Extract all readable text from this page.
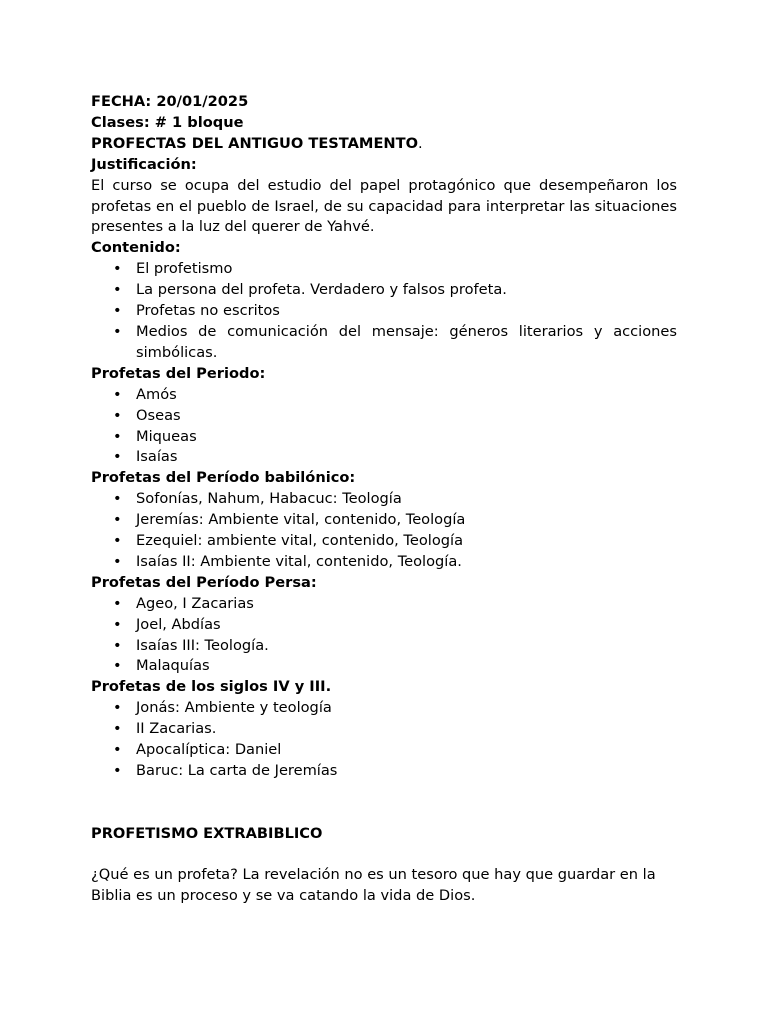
FECHA: 20/01/2025

Clases: # 1 bloque

PROFECTAS DEL ANTIGUO TESTAMENTO.

Justificación:

El curso se ocupa del estudio del papel protagónico que desempeñaron los profetas en el pueblo de Israel, de su capacidad para interpretar las situaciones presentes a la luz del querer de Yahvé.

Contenido:

• El profetismo
• La persona del profeta. Verdadero y falsos profeta.
• Profetas no escritos
• Medios de comunicación del mensaje: géneros literarios y acciones simbólicas.

Profetas del Periodo:

• Amós
• Oseas
• Miqueas
• Isaías

Profetas del Período babilónico:

• Sofonías, Nahum, Habacuc: Teología
• Jeremías: Ambiente vital, contenido, Teología
• Ezequiel: ambiente vital, contenido, Teología
• Isaías II: Ambiente vital, contenido, Teología.

Profetas del Período Persa:

• Ageo, I Zacarias
• Joel, Abdías
• Isaías III: Teología.
• Malaquías

Profetas de los siglos IV y III.

• Jonás: Ambiente y teología
• II Zacarias.
• Apocalíptica: Daniel
• Baruc: La carta de Jeremías

PROFETISMO EXTRABIBLICO

¿Qué es un profeta? La revelación no es un tesoro que hay que guardar en la Biblia es un proceso y se va catando la vida de Dios.
